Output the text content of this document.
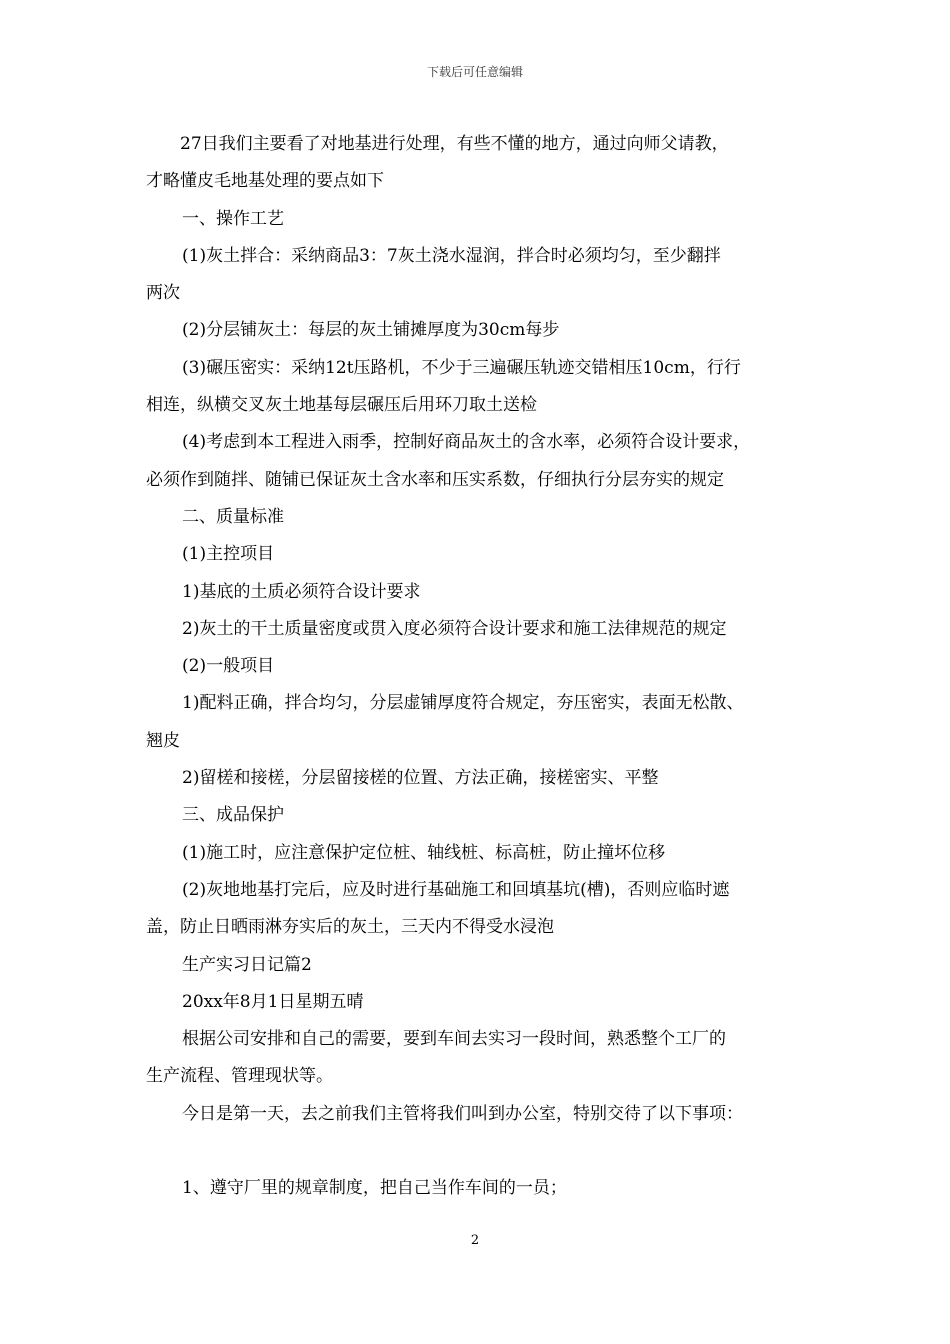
下载后可任意编辑
27日我们主要看了对地基进行处理，有些不懂的地方，通过向师父请教，
才略懂皮毛地基处理的要点如下
一、操作工艺
(1)灰土拌合：采纳商品3：7灰土浇水湿润，拌合时必须均匀，至少翻拌
两次
(2)分层铺灰土：每层的灰土铺摊厚度为30cm每步
(3)碾压密实：采纳12t压路机，不少于三遍碾压轨迹交错相压10cm，行行
相连，纵横交叉灰土地基每层碾压后用环刀取土送检
(4)考虑到本工程进入雨季，控制好商品灰土的含水率，必须符合设计要求，
必须作到随拌、随铺已保证灰土含水率和压实系数，仔细执行分层夯实的规定
二、质量标准
(1)主控项目
1)基底的土质必须符合设计要求
2)灰土的干土质量密度或贯入度必须符合设计要求和施工法律规范的规定
(2)一般项目
1)配料正确，拌合均匀，分层虚铺厚度符合规定，夯压密实，表面无松散、
翘皮
2)留槎和接槎，分层留接槎的位置、方法正确，接槎密实、平整
三、成品保护
(1)施工时，应注意保护定位桩、轴线桩、标高桩，防止撞坏位移
(2)灰地地基打完后，应及时进行基础施工和回填基坑(槽)，否则应临时遮
盖，防止日晒雨淋夯实后的灰土，三天内不得受水浸泡
生产实习日记篇2
20xx年8月1日星期五晴
根据公司安排和自己的需要，要到车间去实习一段时间，熟悉整个工厂的
生产流程、管理现状等。
今日是第一天，去之前我们主管将我们叫到办公室，特别交待了以下事项：
1、遵守厂里的规章制度，把自己当作车间的一员；
2
